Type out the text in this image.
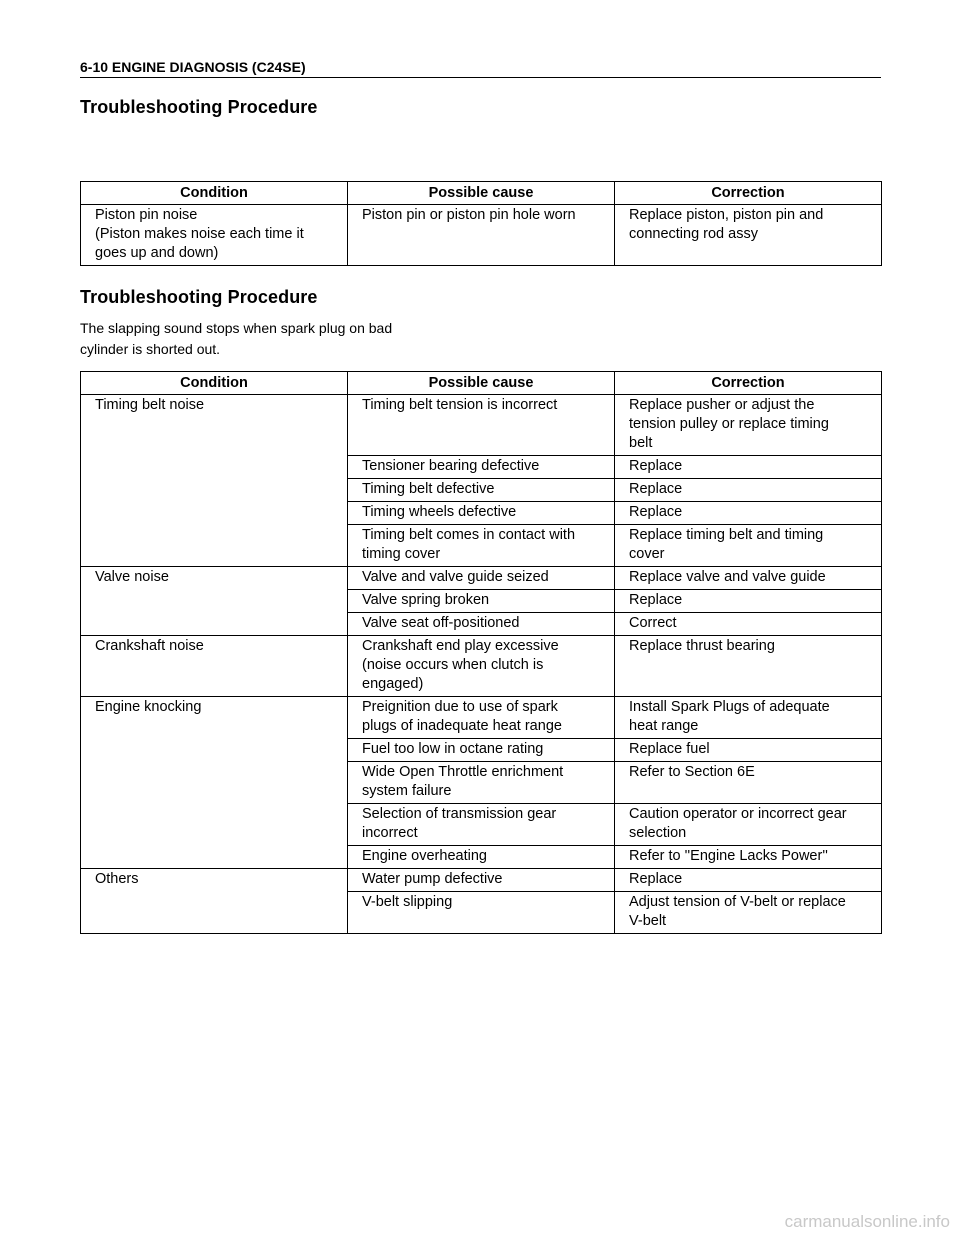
6-10 ENGINE DIAGNOSIS (C24SE)
Troubleshooting Procedure
Condition	Possible cause	Correction

Piston pin noise
(Piston makes noise each time it
goes up and down)	Piston pin or piston pin hole worn	Replace piston, piston pin and
connecting rod assy
Troubleshooting Procedure
The slapping sound stops when spark plug on bad
cylinder is shorted out.
Condition	Possible cause	Correction

Timing belt noise	Timing belt tension is incorrect	Replace pusher or adjust the
tension pulley or replace timing
belt

	Tensioner bearing defective	Replace

	Timing belt defective	Replace

	Timing wheels defective	Replace

	Timing belt comes in contact with
timing cover	Replace timing belt and timing
cover

Valve noise	Valve and valve guide seized	Replace valve and valve guide

	Valve spring broken	Replace

	Valve seat off-positioned	Correct

Crankshaft noise	Crankshaft end play excessive
(noise occurs when clutch is
engaged)	Replace thrust bearing

Engine knocking	Preignition due to use of spark
plugs of inadequate heat range	Install Spark Plugs of adequate
heat range

	Fuel too low in octane rating	Replace fuel

	Wide Open Throttle enrichment
system failure	Refer to Section 6E

	Selection of transmission gear
incorrect	Caution operator or incorrect gear
selection

	Engine overheating	Refer to ''Engine Lacks Power''

Others	Water pump defective	Replace

	V-belt slipping	Adjust tension of V-belt or replace
V-belt
carmanualsonline.info
